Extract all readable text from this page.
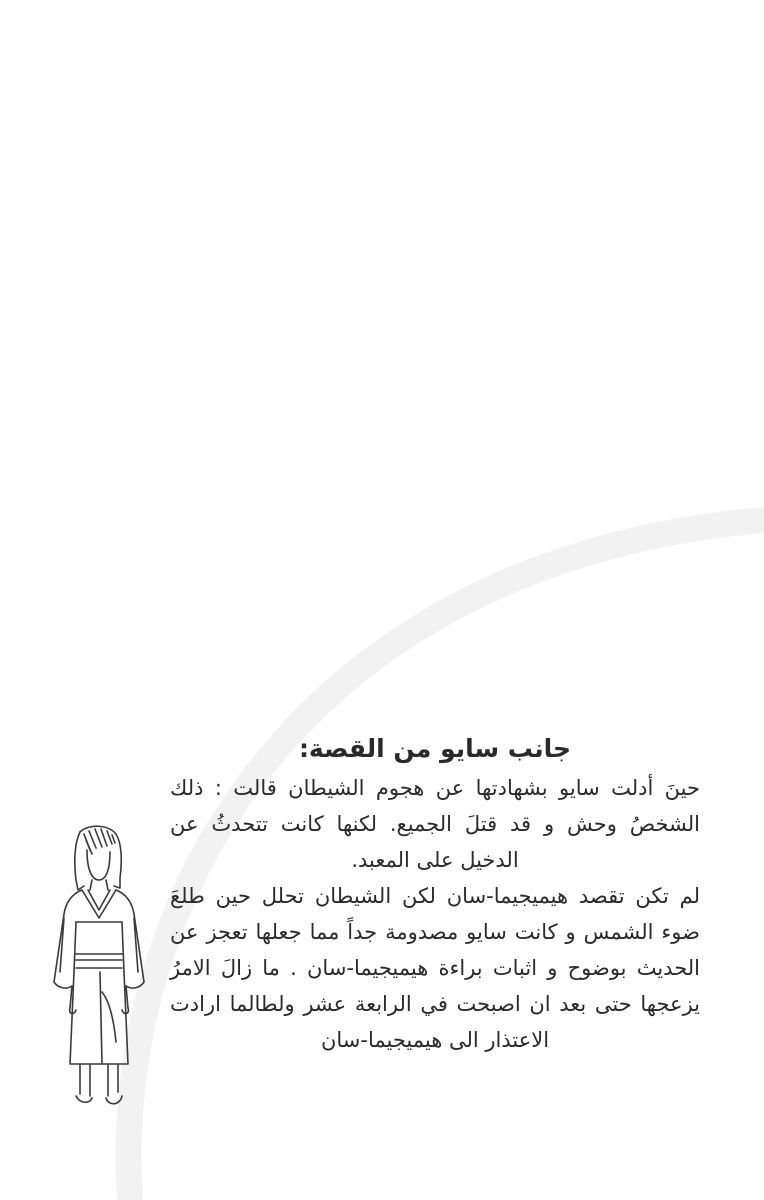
جانب سايو من القصة:

حينَ أدلت سايو بشهادتها عن هجوم الشيطان قالت : ذلك الشخصُ وحش و قد قتلَ الجميع. لكنها كانت تتحدثُ عن الدخيل على المعبد.

لم تكن تقصد هيميجيما-سان لكن الشيطان تحلل حين طلعَ ضوء الشمس و كانت سايو مصدومة جداً مما جعلها تعجز عن الحديث بوضوح و اثبات براءة هيميجيما-سان . ما زالَ الامرُ يزعجها حتى بعد ان اصبحت في الرابعة عشر ولطالما ارادت الاعتذار الى هيميجيما-سان
